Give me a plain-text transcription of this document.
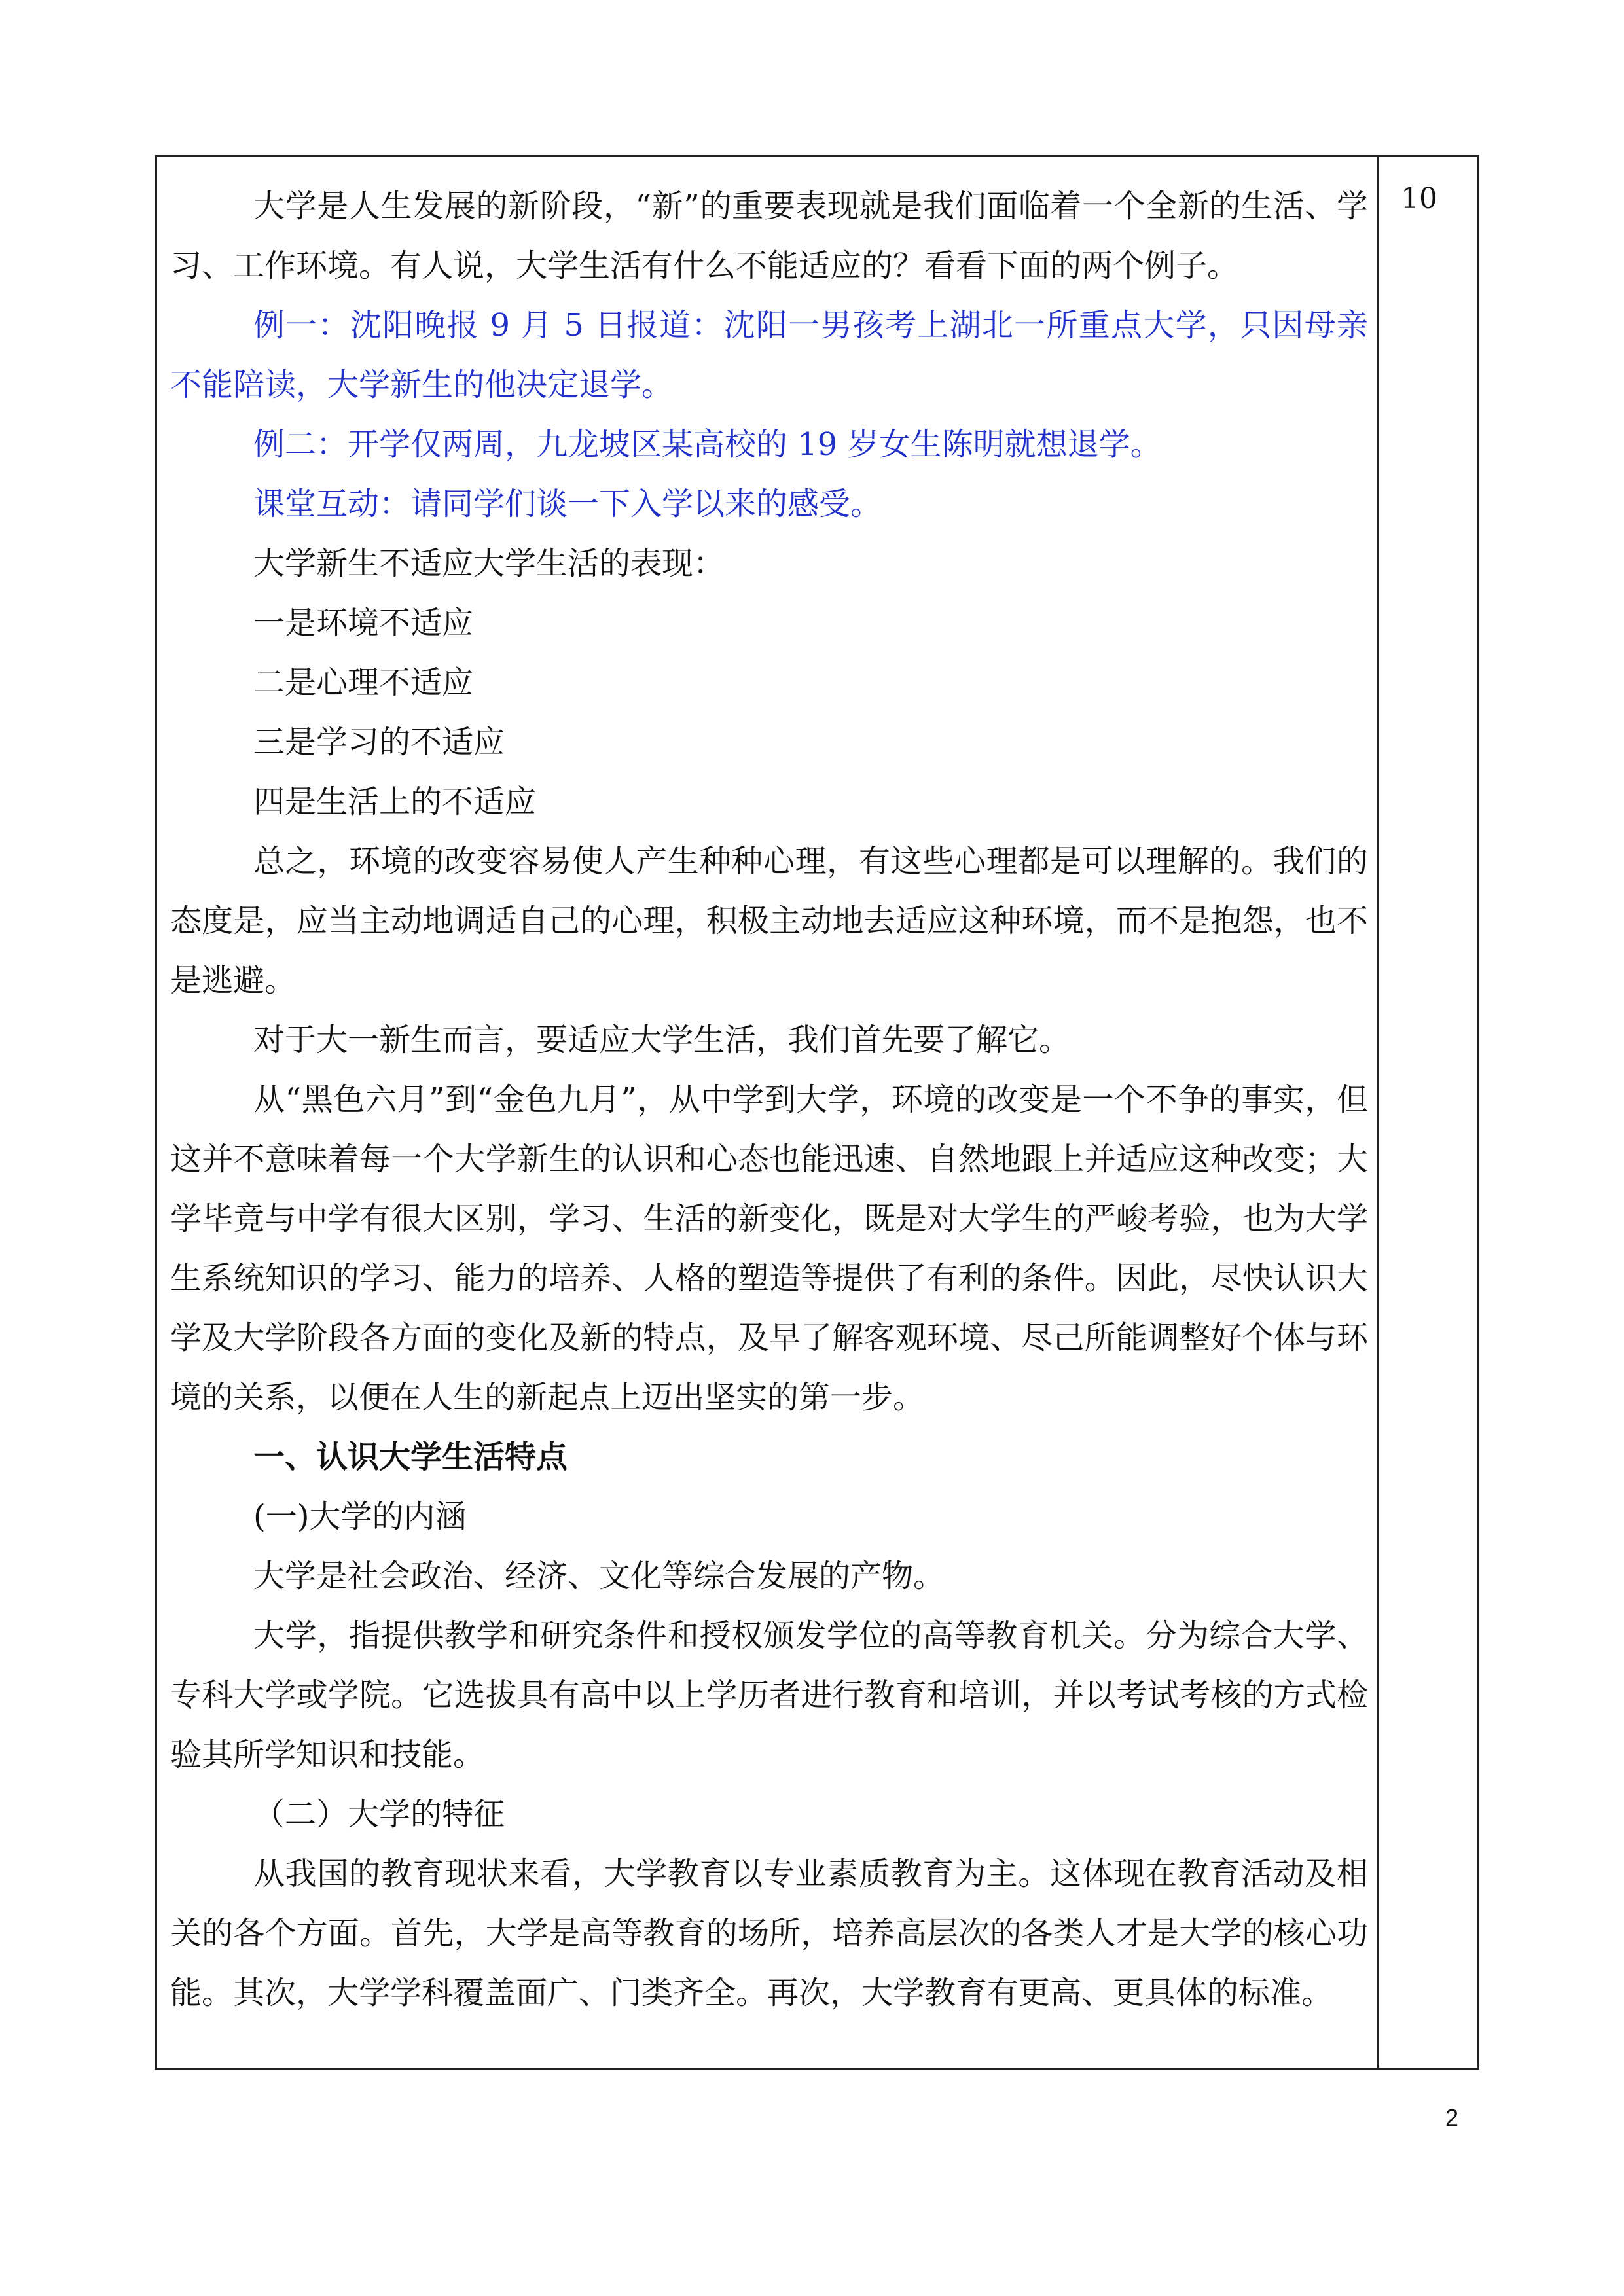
大学是人生发展的新阶段，“新”的重要表现就是我们面临着一个全新的生活、学习、工作环境。有人说，大学生活有什么不能适应的？看看下面的两个例子。

例一：沈阳晚报 9 月 5 日报道：沈阳一男孩考上湖北一所重点大学，只因母亲不能陪读，大学新生的他决定退学。

例二：开学仅两周，九龙坡区某高校的 19 岁女生陈明就想退学。

课堂互动：请同学们谈一下入学以来的感受。

大学新生不适应大学生活的表现：

一是环境不适应

二是心理不适应

三是学习的不适应

四是生活上的不适应

总之，环境的改变容易使人产生种种心理，有这些心理都是可以理解的。我们的态度是，应当主动地调适自己的心理，积极主动地去适应这种环境，而不是抱怨，也不是逃避。

对于大一新生而言，要适应大学生活，我们首先要了解它。

从“黑色六月”到“金色九月”，从中学到大学，环境的改变是一个不争的事实，但这并不意味着每一个大学新生的认识和心态也能迅速、自然地跟上并适应这种改变；大学毕竟与中学有很大区别，学习、生活的新变化，既是对大学生的严峻考验，也为大学生系统知识的学习、能力的培养、人格的塑造等提供了有利的条件。因此，尽快认识大学及大学阶段各方面的变化及新的特点，及早了解客观环境、尽己所能调整好个体与环境的关系，以便在人生的新起点上迈出坚实的第一步。

一、认识大学生活特点

(一)大学的内涵

大学是社会政治、经济、文化等综合发展的产物。

大学，指提供教学和研究条件和授权颁发学位的高等教育机关。分为综合大学、专科大学或学院。它选拔具有高中以上学历者进行教育和培训，并以考试考核的方式检验其所学知识和技能。

（二）大学的特征

从我国的教育现状来看，大学教育以专业素质教育为主。这体现在教育活动及相关的各个方面。首先，大学是高等教育的场所，培养高层次的各类人才是大学的核心功能。其次，大学学科覆盖面广、门类齐全。再次，大学教育有更高、更具体的标准。

10
2
